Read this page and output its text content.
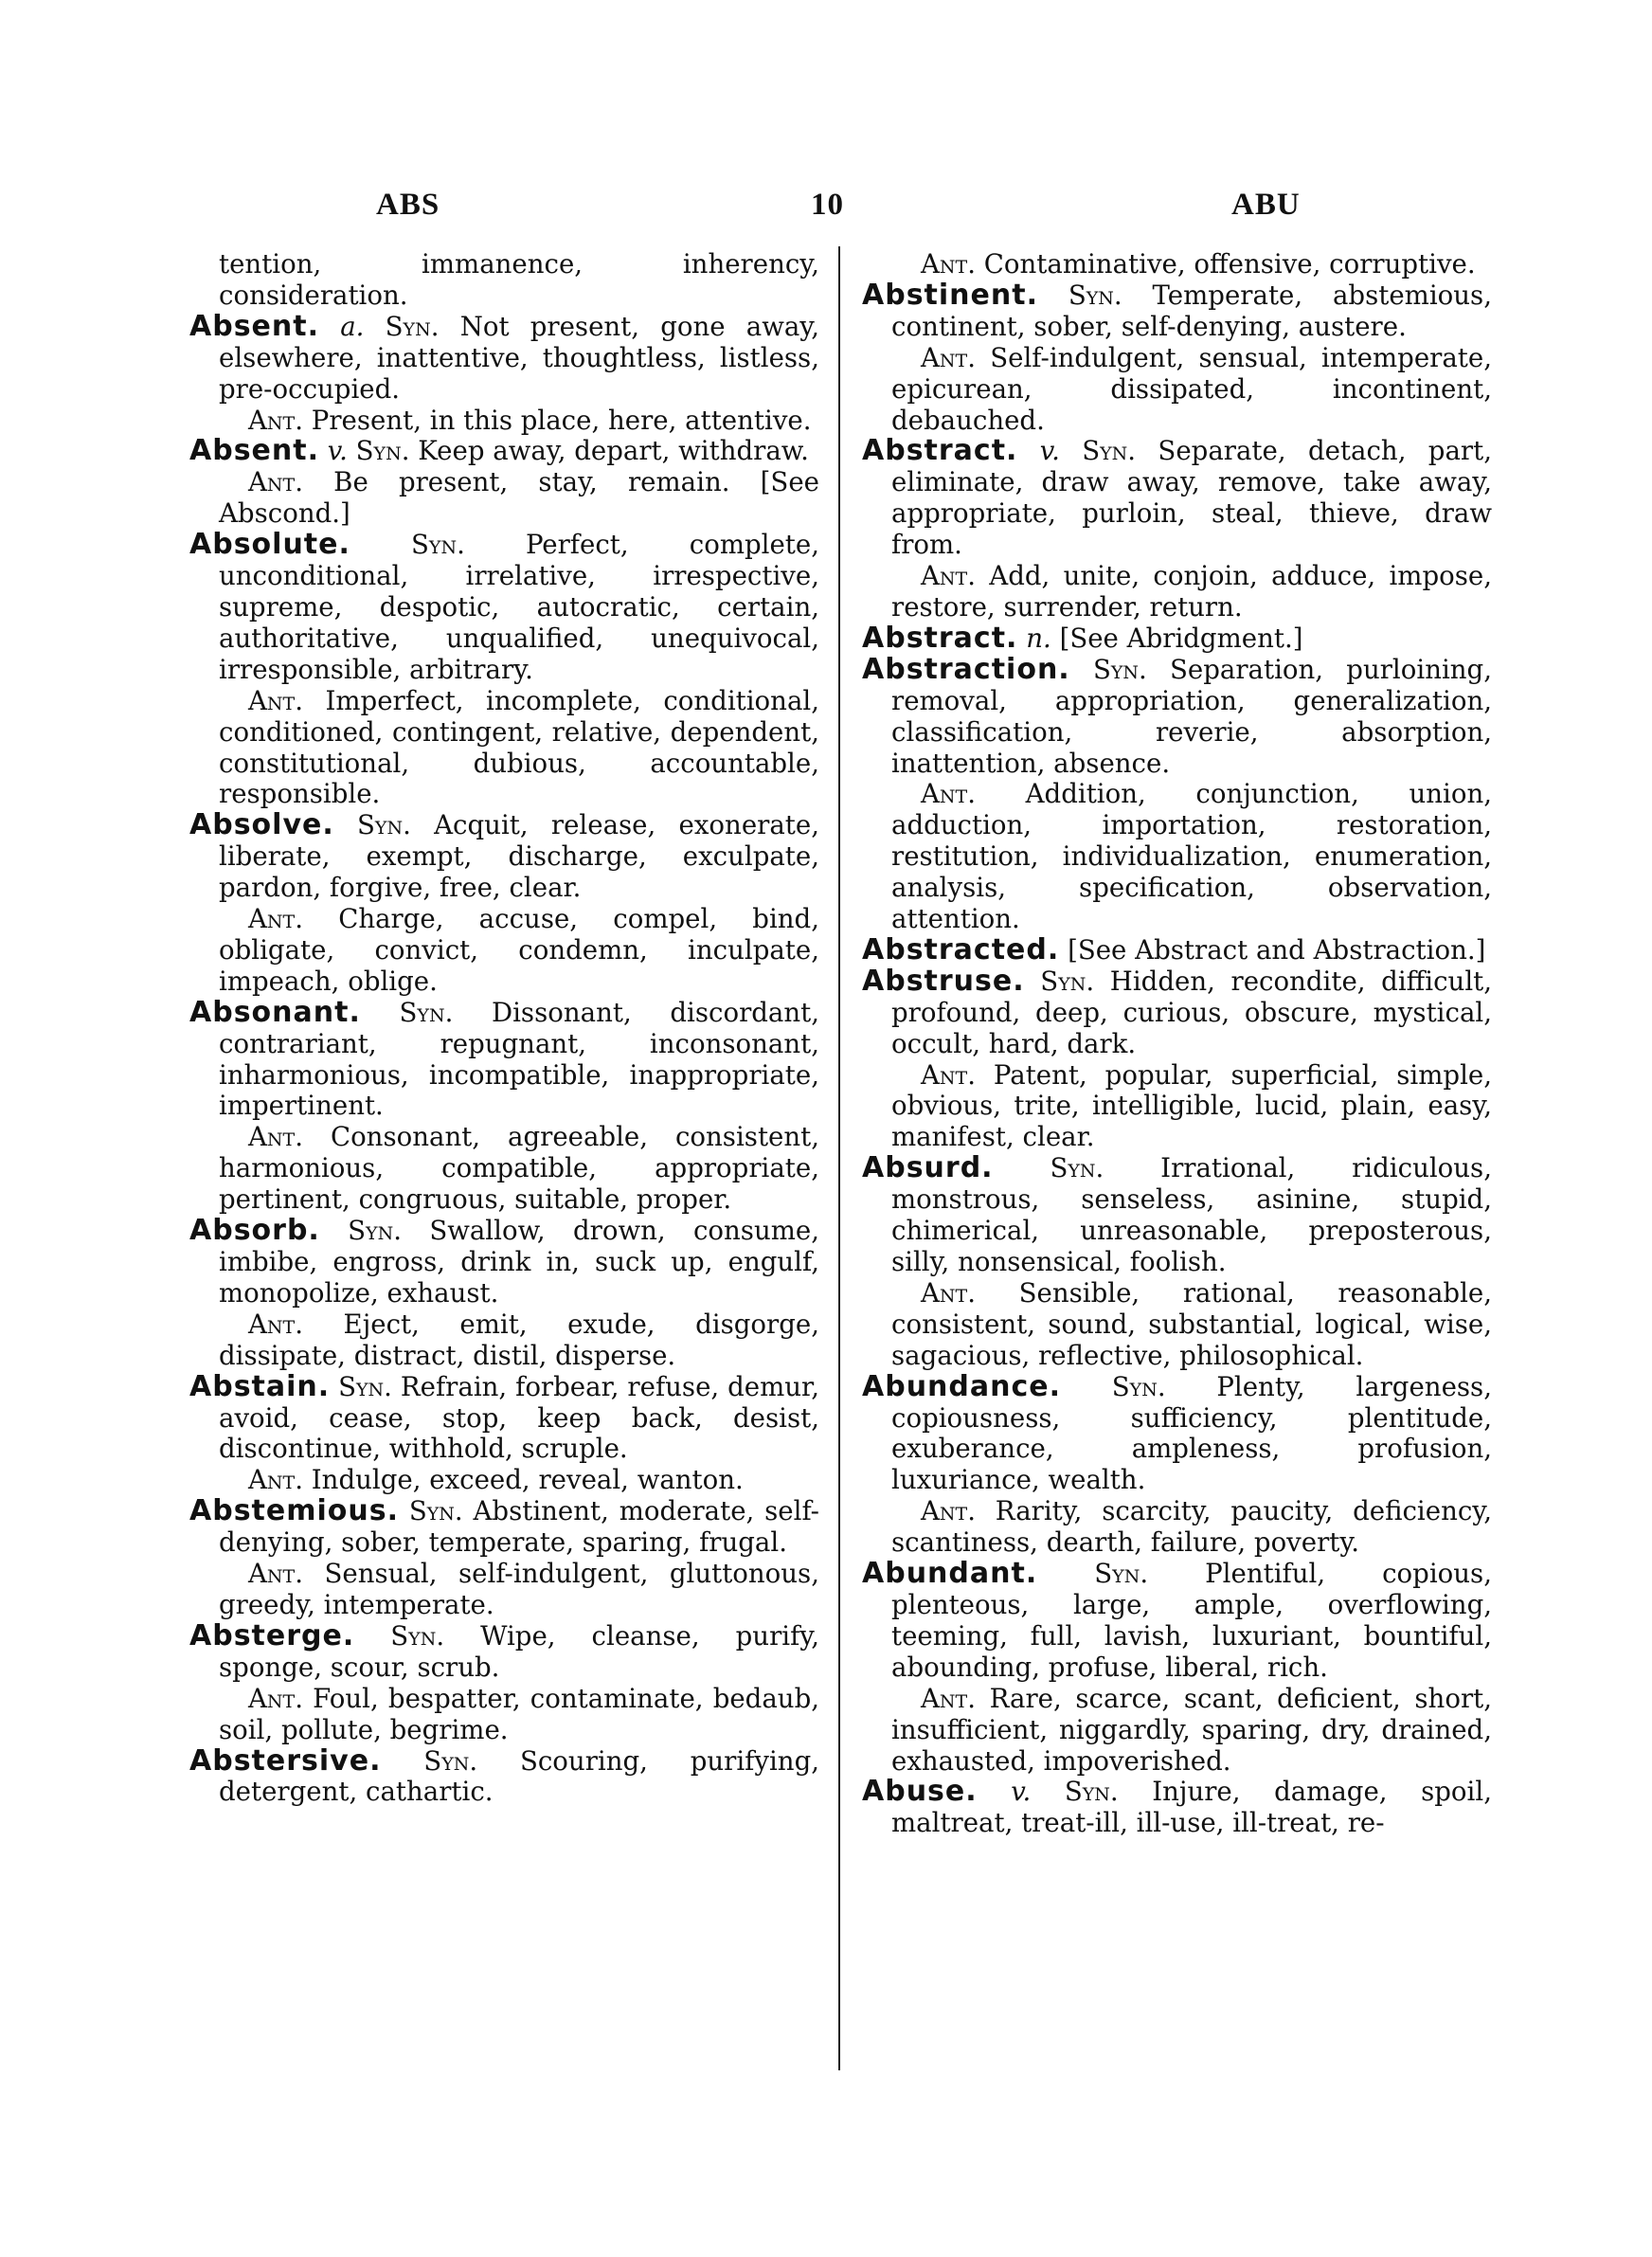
ABS	10	ABU
tention, immanence, inherency, consideration.
Absent. a. Syn. Not present, gone away, elsewhere, inattentive, thoughtless, listless, pre-occupied.
Ant. Present, in this place, here, attentive.
Absent. v. Syn. Keep away, depart, withdraw.
Ant. Be present, stay, remain. [See Abscond.]
Absolute. Syn. Perfect, complete, unconditional, irrelative, irrespective, supreme, despotic, autocratic, certain, authoritative, unqualified, unequivocal, irresponsible, arbitrary.
Ant. Imperfect, incomplete, conditional, conditioned, contingent, relative, dependent, constitutional, dubious, accountable, responsible.
Absolve. Syn. Acquit, release, exonerate, liberate, exempt, discharge, exculpate, pardon, forgive, free, clear.
Ant. Charge, accuse, compel, bind, obligate, convict, condemn, inculpate, impeach, oblige.
Absonant. Syn. Dissonant, discordant, contrariant, repugnant, inconsonant, inharmonious, incompatible, inappropriate, impertinent.
Ant. Consonant, agreeable, consistent, harmonious, compatible, appropriate, pertinent, congruous, suitable, proper.
Absorb. Syn. Swallow, drown, consume, imbibe, engross, drink in, suck up, engulf, monopolize, exhaust.
Ant. Eject, emit, exude, disgorge, dissipate, distract, distil, disperse.
Abstain. Syn. Refrain, forbear, refuse, demur, avoid, cease, stop, keep back, desist, discontinue, withhold, scruple.
Ant. Indulge, exceed, reveal, wanton.
Abstemious. Syn. Abstinent, moderate, self-denying, sober, temperate, sparing, frugal.
Ant. Sensual, self-indulgent, gluttonous, greedy, intemperate.
Absterge. Syn. Wipe, cleanse, purify, sponge, scour, scrub.
Ant. Foul, bespatter, contaminate, bedaub, soil, pollute, begrime.
Abstersive. Syn. Scouring, purifying, detergent, cathartic.
Ant. Contaminative, offensive, corruptive.
Abstinent. Syn. Temperate, abstemious, continent, sober, self-denying, austere.
Ant. Self-indulgent, sensual, intemperate, epicurean, dissipated, incontinent, debauched.
Abstract. v. Syn. Separate, detach, part, eliminate, draw away, remove, take away, appropriate, purloin, steal, thieve, draw from.
Ant. Add, unite, conjoin, adduce, impose, restore, surrender, return.
Abstract. n. [See Abridgment.]
Abstraction. Syn. Separation, purloining, removal, appropriation, generalization, classification, reverie, absorption, inattention, absence.
Ant. Addition, conjunction, union, adduction, importation, restoration, restitution, individualization, enumeration, analysis, specification, observation, attention.
Abstracted. [See Abstract and Abstraction.]
Abstruse. Syn. Hidden, recondite, difficult, profound, deep, curious, obscure, mystical, occult, hard, dark.
Ant. Patent, popular, superficial, simple, obvious, trite, intelligible, lucid, plain, easy, manifest, clear.
Absurd. Syn. Irrational, ridiculous, monstrous, senseless, asinine, stupid, chimerical, unreasonable, preposterous, silly, nonsensical, foolish.
Ant. Sensible, rational, reasonable, consistent, sound, substantial, logical, wise, sagacious, reflective, philosophical.
Abundance. Syn. Plenty, largeness, copiousness, sufficiency, plentitude, exuberance, ampleness, profusion, luxuriance, wealth.
Ant. Rarity, scarcity, paucity, deficiency, scantiness, dearth, failure, poverty.
Abundant. Syn. Plentiful, copious, plenteous, large, ample, overflowing, teeming, full, lavish, luxuriant, bountiful, abounding, profuse, liberal, rich.
Ant. Rare, scarce, scant, deficient, short, insufficient, niggardly, sparing, dry, drained, exhausted, impoverished.
Abuse. v. Syn. Injure, damage, spoil, maltreat, treat-ill, ill-use, ill-treat, re-
